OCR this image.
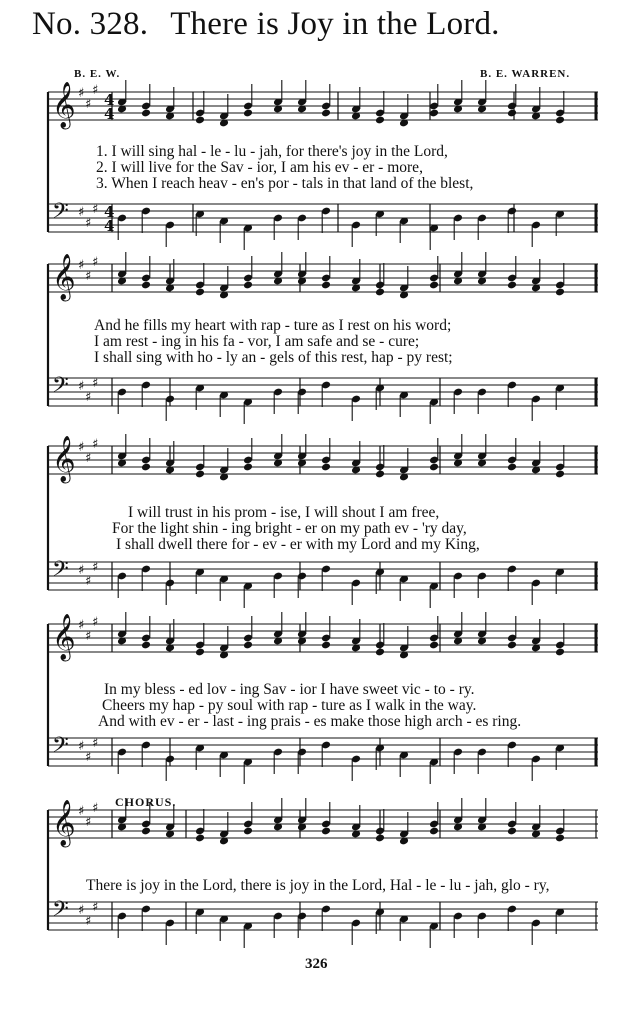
No. 328. There is Joy in the Lord.
B. E. W.	B. E. WARREN.
𝄞 ♯
♯
♯
𝄢 ♯
♯
♯
𝄞 ♯
♯
♯
𝄢 ♯
♯
♯
𝄞 ♯
♯
♯
𝄢 ♯
♯
♯
𝄞 ♯
♯
♯
𝄢 ♯
♯
♯
𝄞 ♯
♯
♯
𝄢 ♯
♯
♯
4
4
4
4
1. I will sing hal - le - lu - jah, for there's joy in the Lord,
2. I will live for the Sav - ior, I am his ev - er - more,
3. When I reach heav - en's por - tals in that land of the blest,
And he fills my heart with rap - ture as I rest on his word;
I am rest - ing in his fa - vor, I am safe and se - cure;
I shall sing with ho - ly an - gels of this rest, hap - py rest;
I will trust in his prom - ise, I will shout I am free,
For the light shin - ing bright - er on my path ev - 'ry day,
I shall dwell there for - ev - er with my Lord and my King,
In my bless - ed lov - ing Sav - ior I have sweet vic - to - ry.
Cheers my hap - py soul with rap - ture as I walk in the way.
And with ev - er - last - ing prais - es make those high arch - es ring.
CHORUS.
There is joy in the Lord, there is joy in the Lord, Hal - le - lu - jah, glo - ry,
326
